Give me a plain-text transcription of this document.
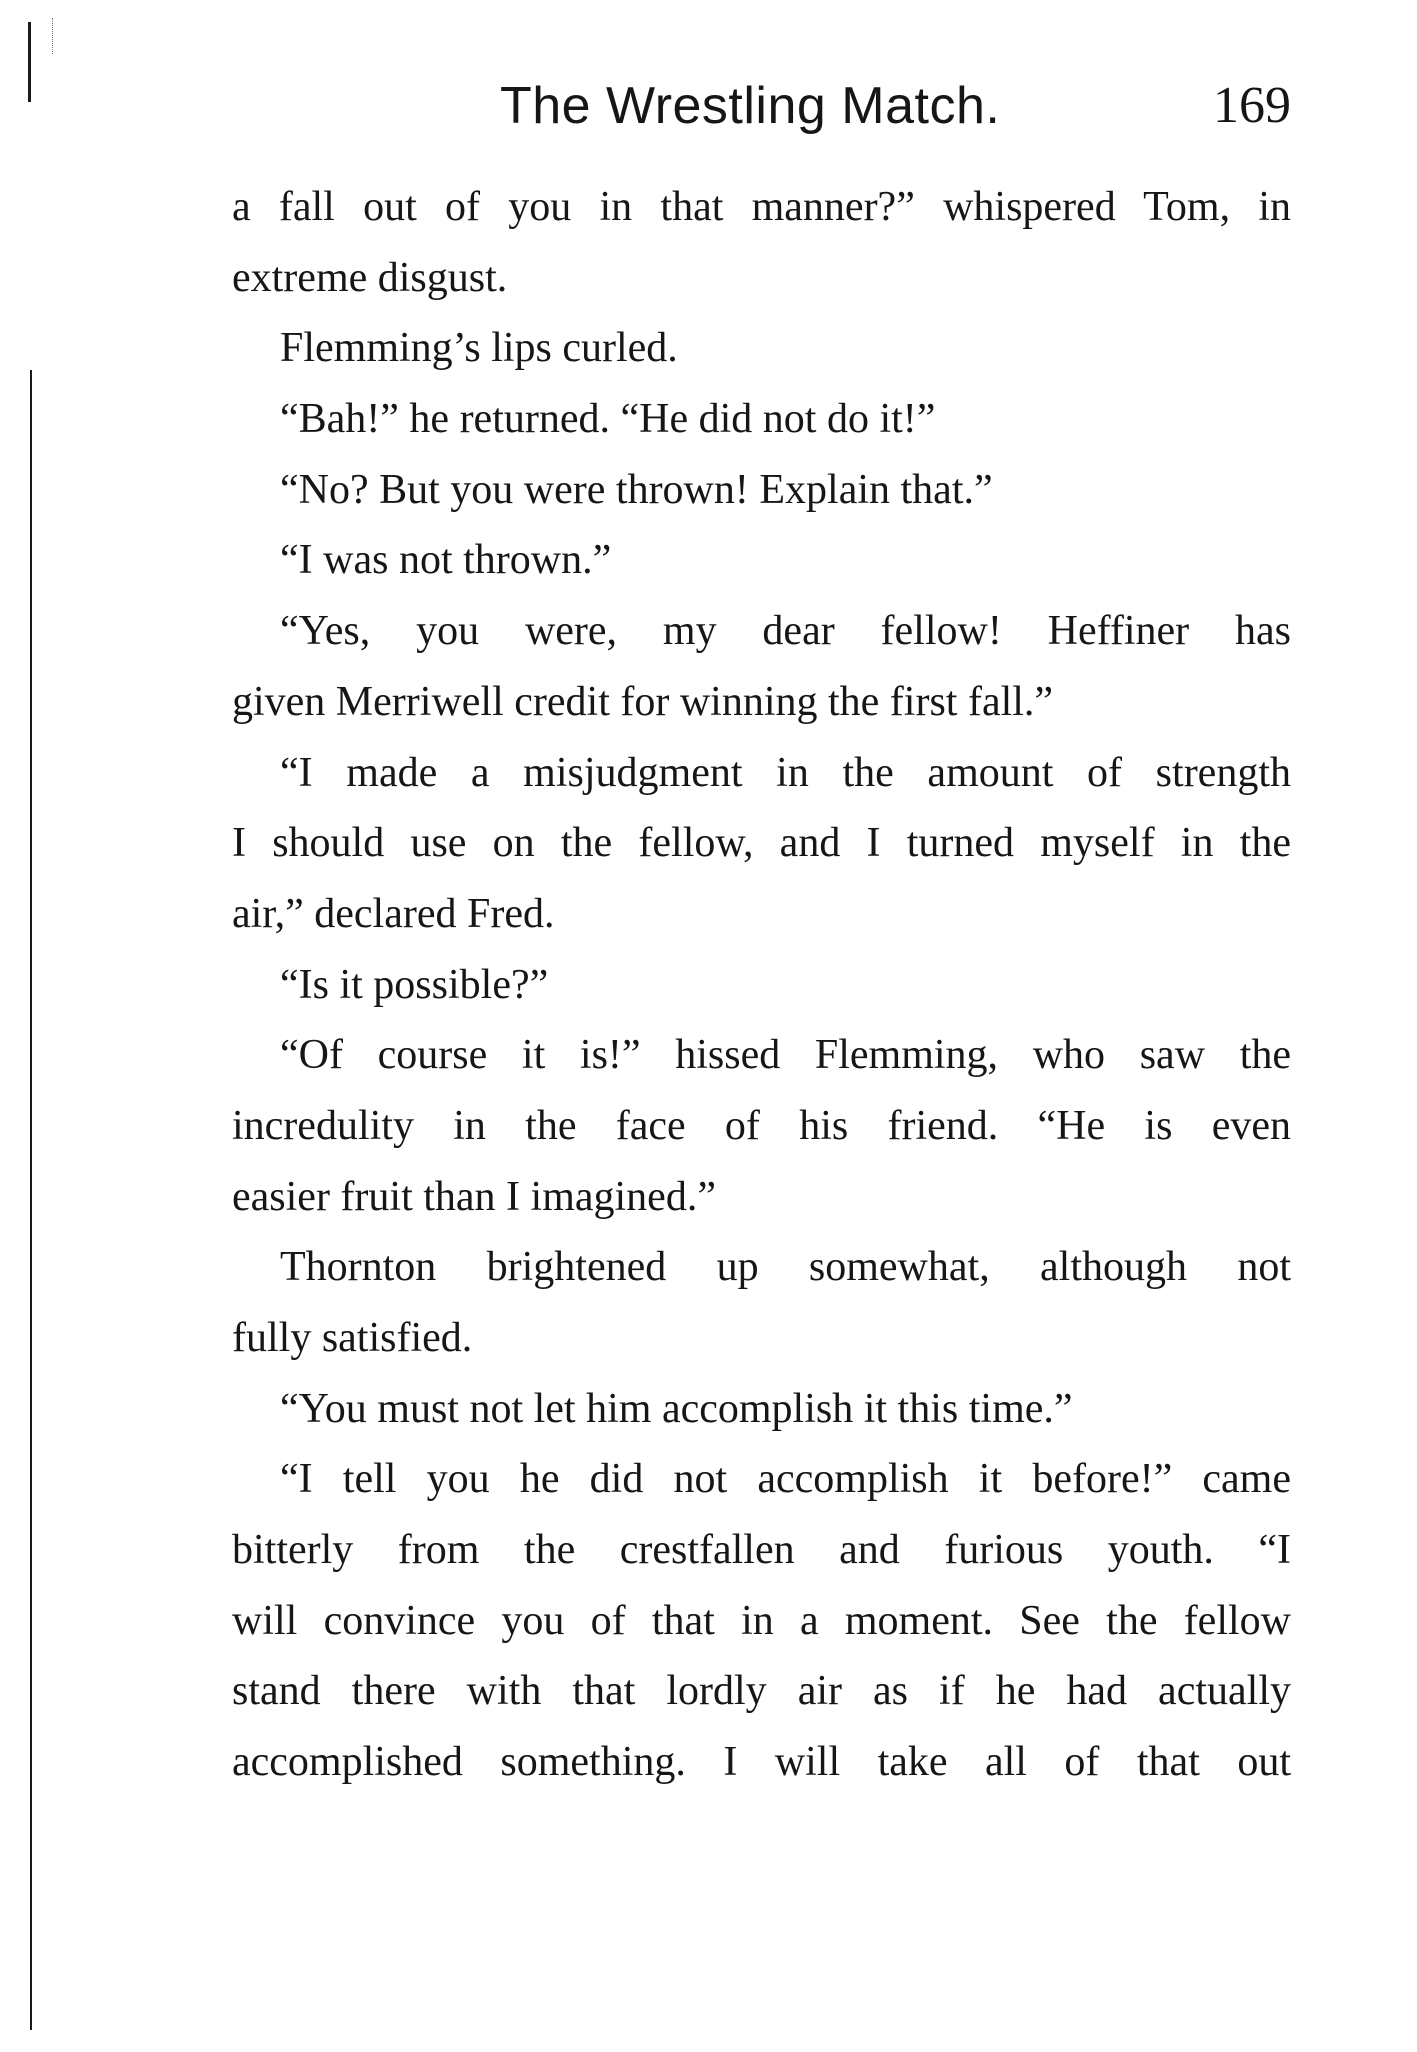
The Wrestling Match.	169
a fall out of you in that manner?” whispered Tom, in
extreme disgust.
Flemming’s lips curled.
“Bah!” he returned. “He did not do it!”
“No? But you were thrown! Explain that.”
“I was not thrown.”
“Yes, you were, my dear fellow! Heffiner has
given Merriwell credit for winning the first fall.”
“I made a misjudgment in the amount of strength
I should use on the fellow, and I turned myself in the
air,” declared Fred.
“Is it possible?”
“Of course it is!” hissed Flemming, who saw the
incredulity in the face of his friend. “He is even
easier fruit than I imagined.”
Thornton brightened up somewhat, although not
fully satisfied.
“You must not let him accomplish it this time.”
“I tell you he did not accomplish it before!” came
bitterly from the crestfallen and furious youth. “I
will convince you of that in a moment. See the fellow
stand there with that lordly air as if he had actually
accomplished something. I will take all of that out
